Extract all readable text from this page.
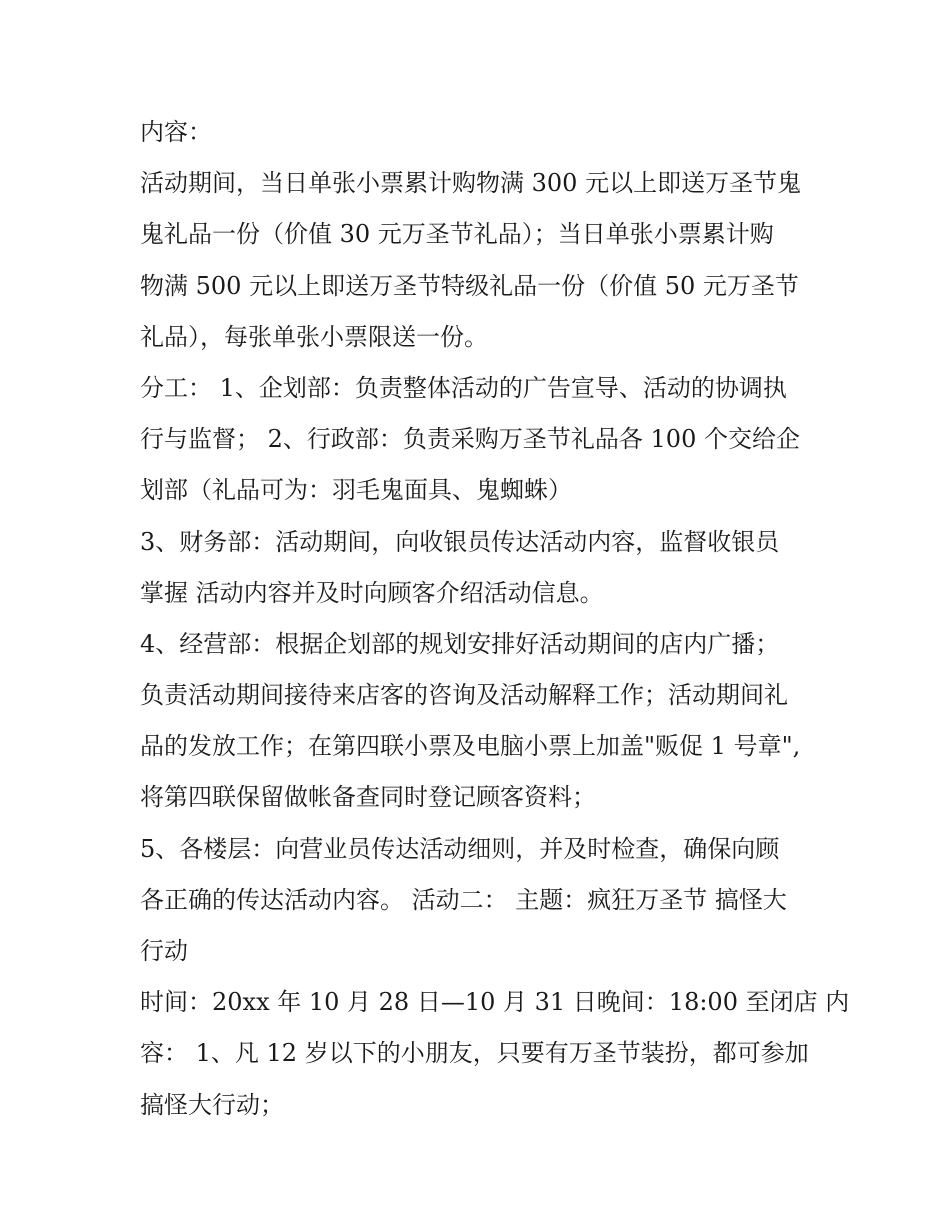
内容：
活动期间，当日单张小票累计购物满 300 元以上即送万圣节鬼
鬼礼品一份（价值 30 元万圣节礼品）；当日单张小票累计购
物满 500 元以上即送万圣节特级礼品一份（价值 50 元万圣节
礼品），每张单张小票限送一份。
分工： 1、企划部：负责整体活动的广告宣导、活动的协调执
行与监督； 2、行政部：负责采购万圣节礼品各 100 个交给企
划部（礼品可为：羽毛鬼面具、鬼蜘蛛）
3、财务部：活动期间，向收银员传达活动内容，监督收银员
掌握 活动内容并及时向顾客介绍活动信息。
4、经营部：根据企划部的规划安排好活动期间的店内广播；
负责活动期间接待来店客的咨询及活动解释工作；活动期间礼
品的发放工作；在第四联小票及电脑小票上加盖"贩促 1 号章",
将第四联保留做帐备查同时登记顾客资料；
5、各楼层：向营业员传达活动细则，并及时检查，确保向顾
各正确的传达活动内容。 活动二： 主题：疯狂万圣节 搞怪大
行动
时间：20xx 年 10 月 28 日—10 月 31 日晚间：18:00 至闭店 内
容： 1、凡 12 岁以下的小朋友，只要有万圣节装扮，都可参加
搞怪大行动；
